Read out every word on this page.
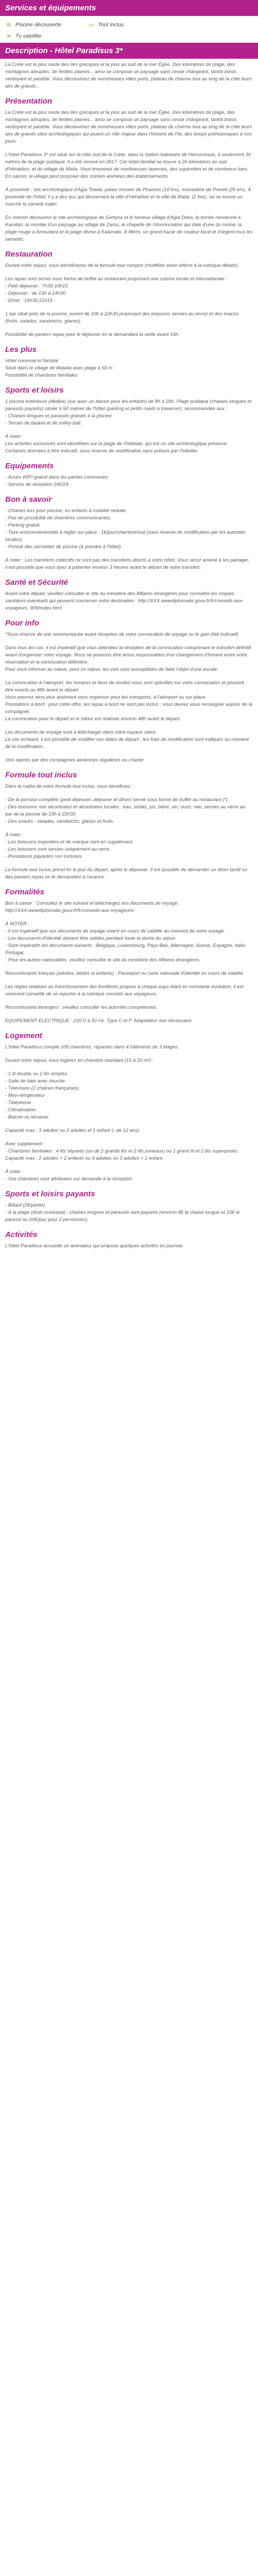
Services et équipements
≋ Piscine découverte	▭ Tout inclus
✕ Tv satellite
Description - Hôtel Paradisus 3*

La Crète est la plus vaste des îles grecques et la plus au sud de la mer Égée. Des kilomètres de plage, des montagnes abruptes, de fertiles plaines... ainsi se compose un paysage sans cesse changeant, tantôt boisé, verdoyant et paisible. Vous découvrirez de nombreuses villes ports, plateau de charme tout au long de la côte leurs airs de grands...

Présentation

La Crète est la plus vaste des îles grecques et la plus au sud de la mer Égée. Des kilomètres de plage, des montagnes abruptes, de fertiles plaines... ainsi se compose un paysage sans cesse changeant, tantôt boisé, verdoyant et paisible. Vous découvrirez de nombreuses villes ports, plateau de charme tout au long de la côte leurs airs de grands sites archéologiques qui jouent un rôle majeur dans l'histoire de l'île, des temps préhistoriques à nos jours.

L'hôtel Paradisus 3* est situé sur la côte sud de la Crète, dans la station balnéaire de Hersonissos, à seulement 30 mètres de la plage publique. Il a été rénové en 2017. Cet hôtel familial se trouve à 26 kilomètres au sud d'Héraklion, et du village de Malia. Vous trouverez de nombreuses tavernes, des supérettes et de nombreux bars. En saison, le village peut proposer des soirées animées des établissements.

À proximité : site archéologique d'Agia Triada, palais minoen de Phaistos (10 km), monastère de Preveli (25 km). À proximité de l'hôtel, il y a des bus qui desservent la ville d'Héraklion et la ville de Malia. (2 fois), où se trouve un marché le samedi matin.

En chemin découvrez le site archéologique de Gortyna et le fameux village d'Agia Deka, la tombe minoenne à Kamilari, la montée d'un paysage au village de Zaros, la chapelle de l'Annonciation qui date d'une du moine, la plage rouge à Amoudara et la plage divine à Kalamaki. À Mires, un grand bazar de couleur local et d'argent tous les samedis.

Restauration

Durant votre séjour, vous bénéficierez de la formule tout compris (modifiée selon infèrre à la rubrique détails).

Les repas sont servis sous forme de buffet au restaurant proposant une cuisine locale et internationale :
- Petit déjeuner : 7h30-10h15
- Déjeuner : de 13h à 14h30
- Dîner : 19h30-21h15

1 bar situé près de la piscine, ouvert de 10h à 22h30 proposant des boissons servies au verre) et des snacks (fruits, salades, sandwichs, glaces).

Possibilité de paniers repas pour le déjeuner en le demandant la veille avant 19h.

Les plus

Hôtel convivial et familial
Situé dans le village de Malalia avec plage à 50 m
Possibilité de chambres familiales

Sports et loisirs

1 piscine extérieure (dédiée) (sur avec un bassin pour les enfants) de 8h à 20h. Plage publique (chaises longues et parasols payants) située à 50 mètres de l'hôtel (parking et petits roads à traverser), recommandée aux :
- Chaises longues et parasols gratuits à la piscine
- Terrain de basket et de volley-ball.

À noter :
Les activités exclusives sont identifiées sur la plage de l'hôtelaie, qui est un site archéologique préservé.
Certaines données à titre indicatif, sous réserve de modification sans préavis par l'hôtelier.

Equipements

- Accès WIFI gratuit dans les parties communes
- Service de réception 24h/24.

Bon à savoir

- Chaises lors pour piscine, en enfants à mobilité réduite.
- Pas de possibilité de chambres communicantes.
- Parking gratuit.
- Taxe environnementale à régler sur place : 1€/jour/chambre/nuit (sous réserve de modification par les autorités locales).
- Prévoir des serviettes de piscine (à prendre à l'hôtel)

À noter : Les transferts collectifs ne sont pas des transferts directs à votre hôtel. Vous serez amené à les partager, il est possible que vous ayez à patienter environ 3 heures avant le départ de votre transfert.

Santé et Sécurité

Avant votre départ, veuillez consulter le site du ministère des Affaires étrangères pour connaître les risques sanitaires éventuels qui peuvent concerner votre destination : http://XXX.wwwdiplomatie.gouv.fr/fr/conseils-aux-voyageurs_909/index.html

Pour info

*Sous réserve de voir communiquée avant réception de votre convocation de voyage ou le gain (fait indicatif)

Dans tous les cas, il est impératif que vous attendiez la réception de la convocation comprenant le transfert définitif avant d'organiser votre voyage. Nous ne pouvons être tenus responsables d'un changement d'horaire entre votre réservation et la convocation définitive.
Pour vous informer au mieux, pour ce séjour, les vols sont susceptibles de faire l'objet d'une escale.

La convocation à l'aéroport, les horaires et lieux de rendez-vous sont spécifiés sur votre convocation et peuvent être exacts ou 48h avant le départ.
Vous pourrez ainsi plus aisément vous organiser pour les transports, à l'aéroport ou sur place.
Prestations à bord : pour cette offre, les repas à bord ne sont pas inclus ; vous devrez vous renseigner auprès de la compagnie.
La convocation pour le départ et le retour est réalisée environ 48h avant le départ.

Les documents de voyage sont à télécharger dans votre espace client.
Le cas échéant, il est possible de modifier vos dates de départ ; les frais de modification sont indiqués au moment de la modification.

Vols opérés par des compagnies aériennes régulières ou charter.

Formule tout inclus

Dans le cadre de votre formule tout inclus, vous bénéficiez :

- De la pension complète (petit déjeuner, déjeuner et dîner) servie sous forme de buffet au restaurant (*).
- Des boissons non alcoolisées et alcoolisées locales : eau, sodas, jus, bière, vin, ouzo, raki, servies au verre au bar de la piscine de 10h à 22h30.
- Des snacks : salades, sandwichs, glaces et fruits.

À noter :
- Les boissons importées et de marque sont en supplément.
- Les boissons sont servies uniquement au verre.
- Prestations payantes non incluses.

La formule tout inclus prend fin le jour du départ, après le déjeuner. Il est possible de demander un dîner tardif ou des paniers repas en le demandant à l'avance.

Formalités

Bon à savoir : Consultez le site suivant et téléchargez vos documents de voyage : http://XXX.wwwdiplomatie.gouv.fr/fr/conseils-aux-voyageurs/

À NOTER :
- Il est impératif que vos documents de voyage soient en cours de validité au moment de votre voyage.
- Les documents d'identité doivent être valides pendant toute la durée du séjour.
- Sont impératifs les documents suivants : Belgique, Luxembourg, Pays-Bas, Allemagne, Suisse, Espagne, Italie, Portugal.
- Pour les autres nationalités, veuillez consulter le site du ministère des Affaires étrangères.

Ressortissants français (adultes, bébés et enfants) : Passeport ou carte nationale d'identité en cours de validité.

Les règles relatives au franchissement des frontières propres à chaque pays étant en constante évolution, il est vivement conseillé de se reporter à la rubrique conseils aux voyageurs.

Ressortissants étrangers : veuillez consulter les autorités compétentes.

EQUIPEMENT ÉLECTRIQUE : 230 V à 50 Hz. Type C et F. Adaptateur non nécessaire.

Logement

L'hôtel Paradisus compte 105 chambres, réparties dans 4 bâtiments de 3 étages.

Durant votre séjour, vous logerez en chambre standard (15 à 20 m²) :

- 1 lit double ou 2 lits simples
- Salle de bain avec douche
- Télévision (2 chaînes françaises)
- Mini-réfrigérateur
- Téléphone
- Climatisation
- Balcon ou terrasse

Capacité max : 3 adultes ou 2 adultes et 1 enfant (- de 12 ans).

Avec supplément :
- Chambres familiales : 4 lits séparés (un de 2 grands lits et 2 lits jumeaux) ou 1 grand lit et 2 lits superposés. Capacité max : 2 adultes + 2 enfants ou 4 adultes ou 3 adultes + 1 enfant.

À noter :
- Vos chambres sont attribuées sur demande à la réception.

Sports et loisirs payants

- Billard (2€/partie)
- À la plage (droit municipal) : chaises longues et parasols sont payants (environ 8€ la chaise longue et 10€ le parasol ou 20€/jour pour 2 personnes).

Activités

L'hôtel Paradisus accueille un animateur qui propose quelques activités en journée.
